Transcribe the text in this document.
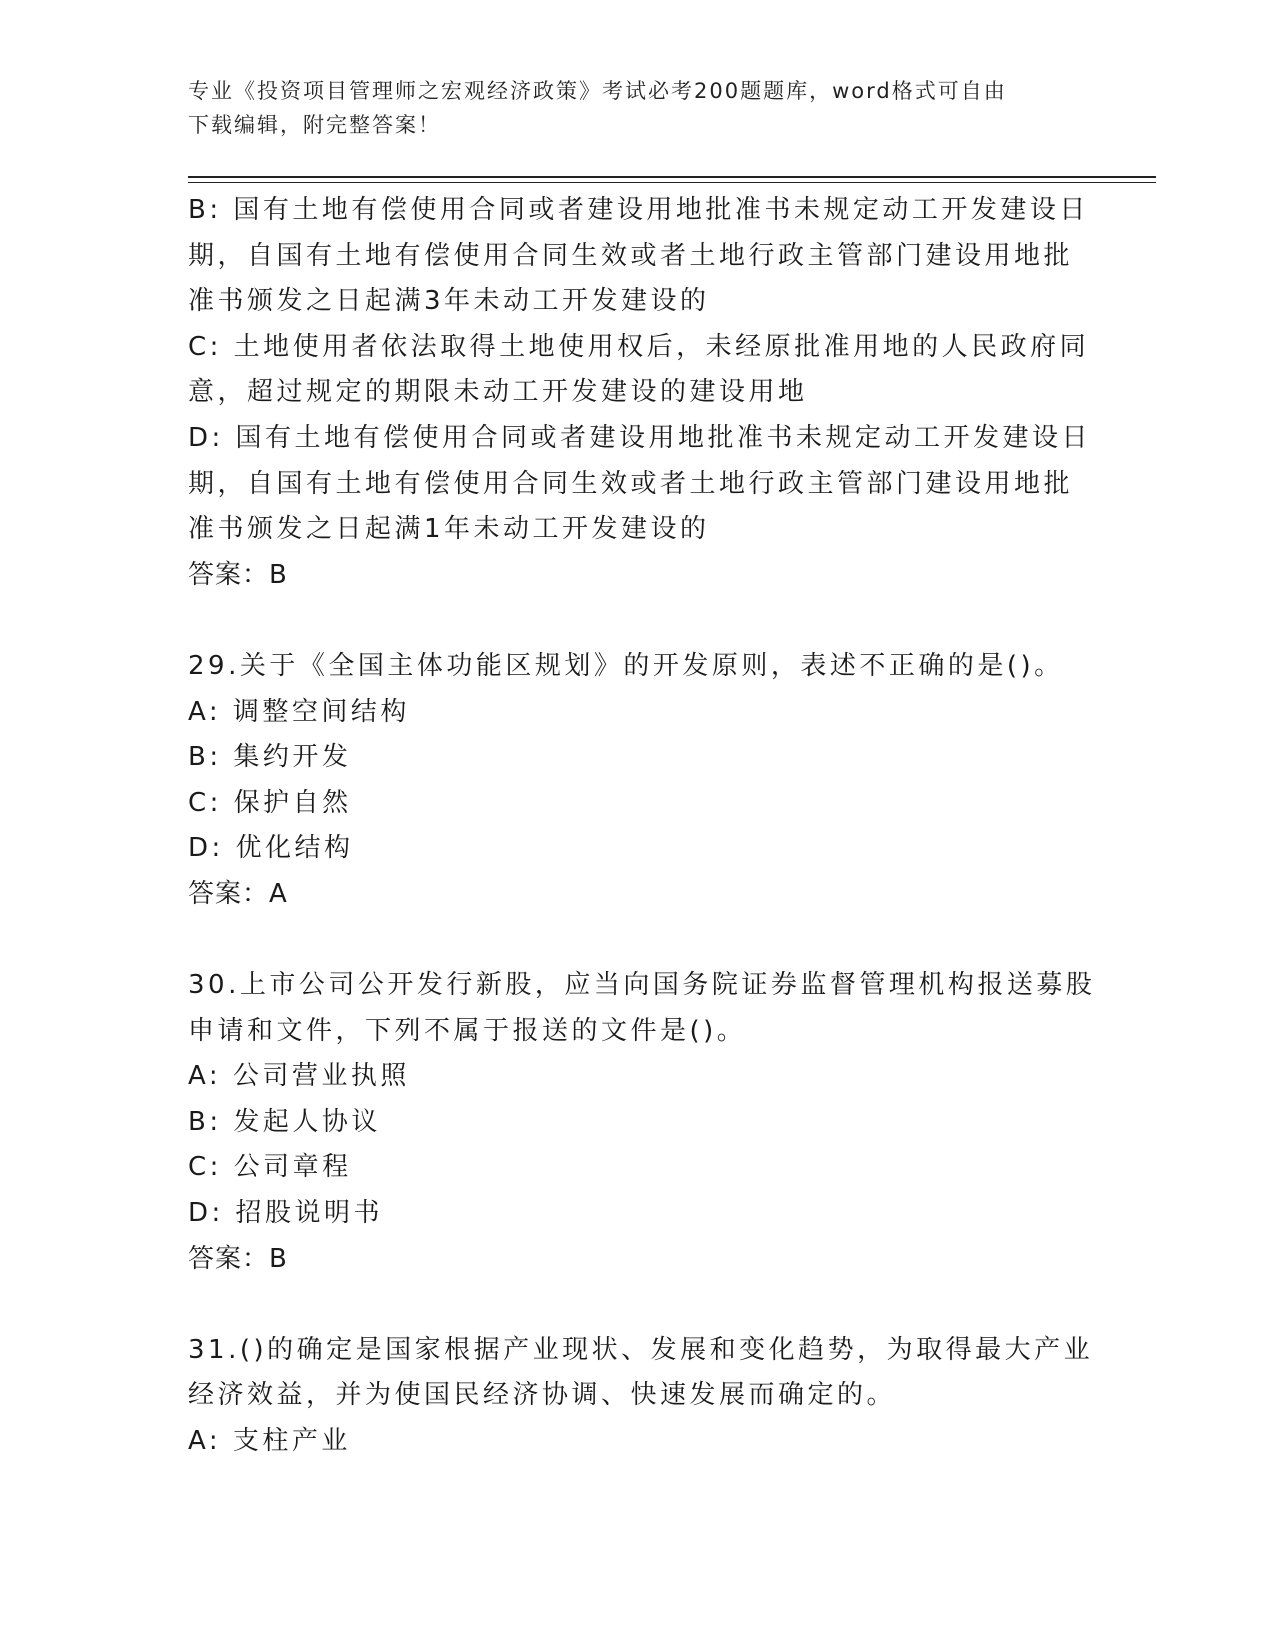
专业《投资项目管理师之宏观经济政策》考试必考200题题库，word格式可自由
下载编辑，附完整答案！
B: 国有土地有偿使用合同或者建设用地批准书未规定动工开发建设日
期，自国有土地有偿使用合同生效或者土地行政主管部门建设用地批
准书颁发之日起满3年未动工开发建设的
C: 土地使用者依法取得土地使用权后，未经原批准用地的人民政府同
意，超过规定的期限未动工开发建设的建设用地
D: 国有土地有偿使用合同或者建设用地批准书未规定动工开发建设日
期，自国有土地有偿使用合同生效或者土地行政主管部门建设用地批
准书颁发之日起满1年未动工开发建设的
答案：B
29.关于《全国主体功能区规划》的开发原则，表述不正确的是()。
A: 调整空间结构
B: 集约开发
C: 保护自然
D: 优化结构
答案：A
30.上市公司公开发行新股，应当向国务院证券监督管理机构报送募股
申请和文件，下列不属于报送的文件是()。
A: 公司营业执照
B: 发起人协议
C: 公司章程
D: 招股说明书
答案：B
31.()的确定是国家根据产业现状、发展和变化趋势，为取得最大产业
经济效益，并为使国民经济协调、快速发展而确定的。
A: 支柱产业
